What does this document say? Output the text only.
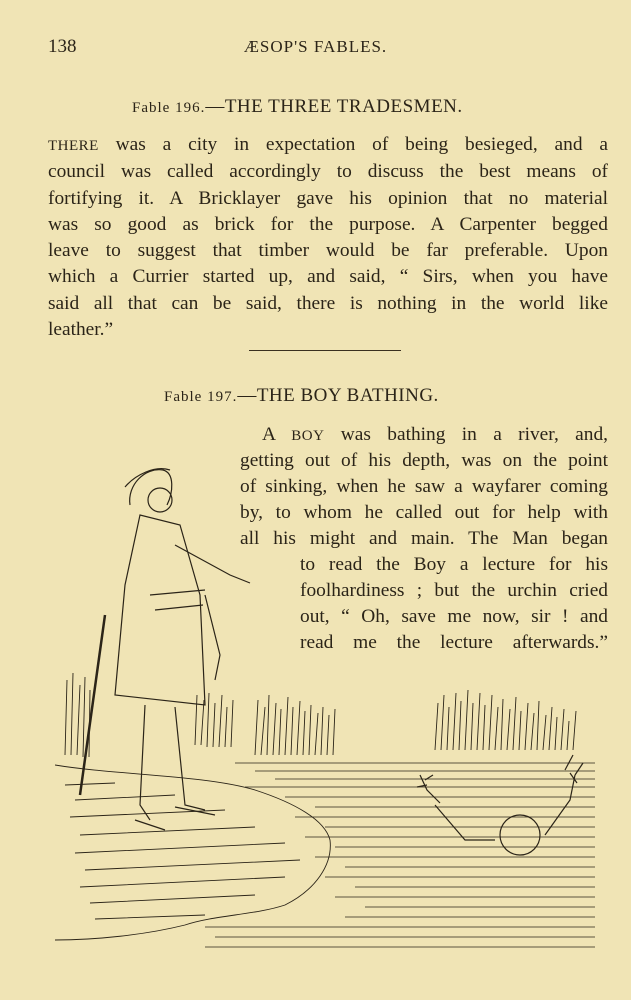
138	ÆSOP'S FABLES.
Fable 196.—THE THREE TRADESMEN.
THERE was a city in expectation of being besieged, and a
council was called accordingly to discuss the best means of
fortifying it. A Bricklayer gave his opinion that no material
was so good as brick for the purpose. A Carpenter begged
leave to suggest that timber would be far preferable. Upon
which a Currier started up, and said, “ Sirs, when you have
said all that can be said, there is nothing in the world like
leather.”
Fable 197.—THE BOY BATHING.
A BOY was bathing in a river, and,
getting out of his depth, was on the point
of sinking, when he saw a wayfarer coming
by, to whom he called out for help with
all his might and main. The Man began
to read the Boy a lecture for his
foolhardiness ; but the urchin cried
out, “ Oh, save me now, sir ! and
read me the lecture afterwards.”
